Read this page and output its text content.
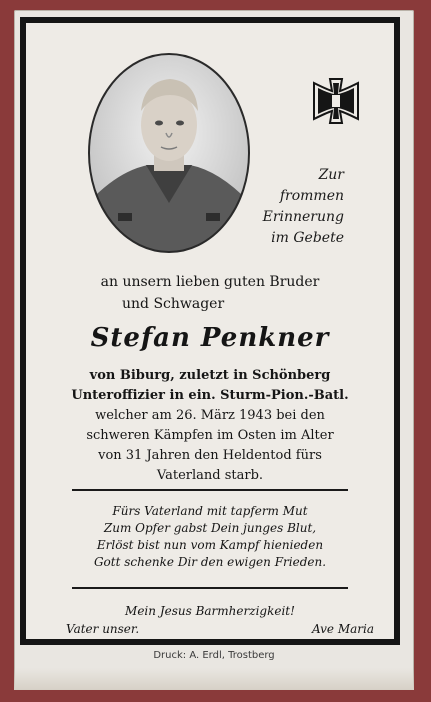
Zur
frommen
Erinnerung
im Gebete
an unsern lieben guten Bruder
und Schwager
Stefan Penkner
von Biburg, zuletzt in Schönberg
Unteroffizier in ein. Sturm-Pion.-Batl.
welcher am 26. März 1943 bei den
schweren Kämpfen im Osten im Alter
von 31 Jahren den Heldentod fürs
Vaterland starb.
Fürs Vaterland mit tapferm Mut
Zum Opfer gabst Dein junges Blut,
Erlöst bist nun vom Kampf hienieden
Gott schenke Dir den ewigen Frieden.
Mein Jesus Barmherzigkeit!
Vater unser.	Ave Maria
Druck: A. Erdl, Trostberg
